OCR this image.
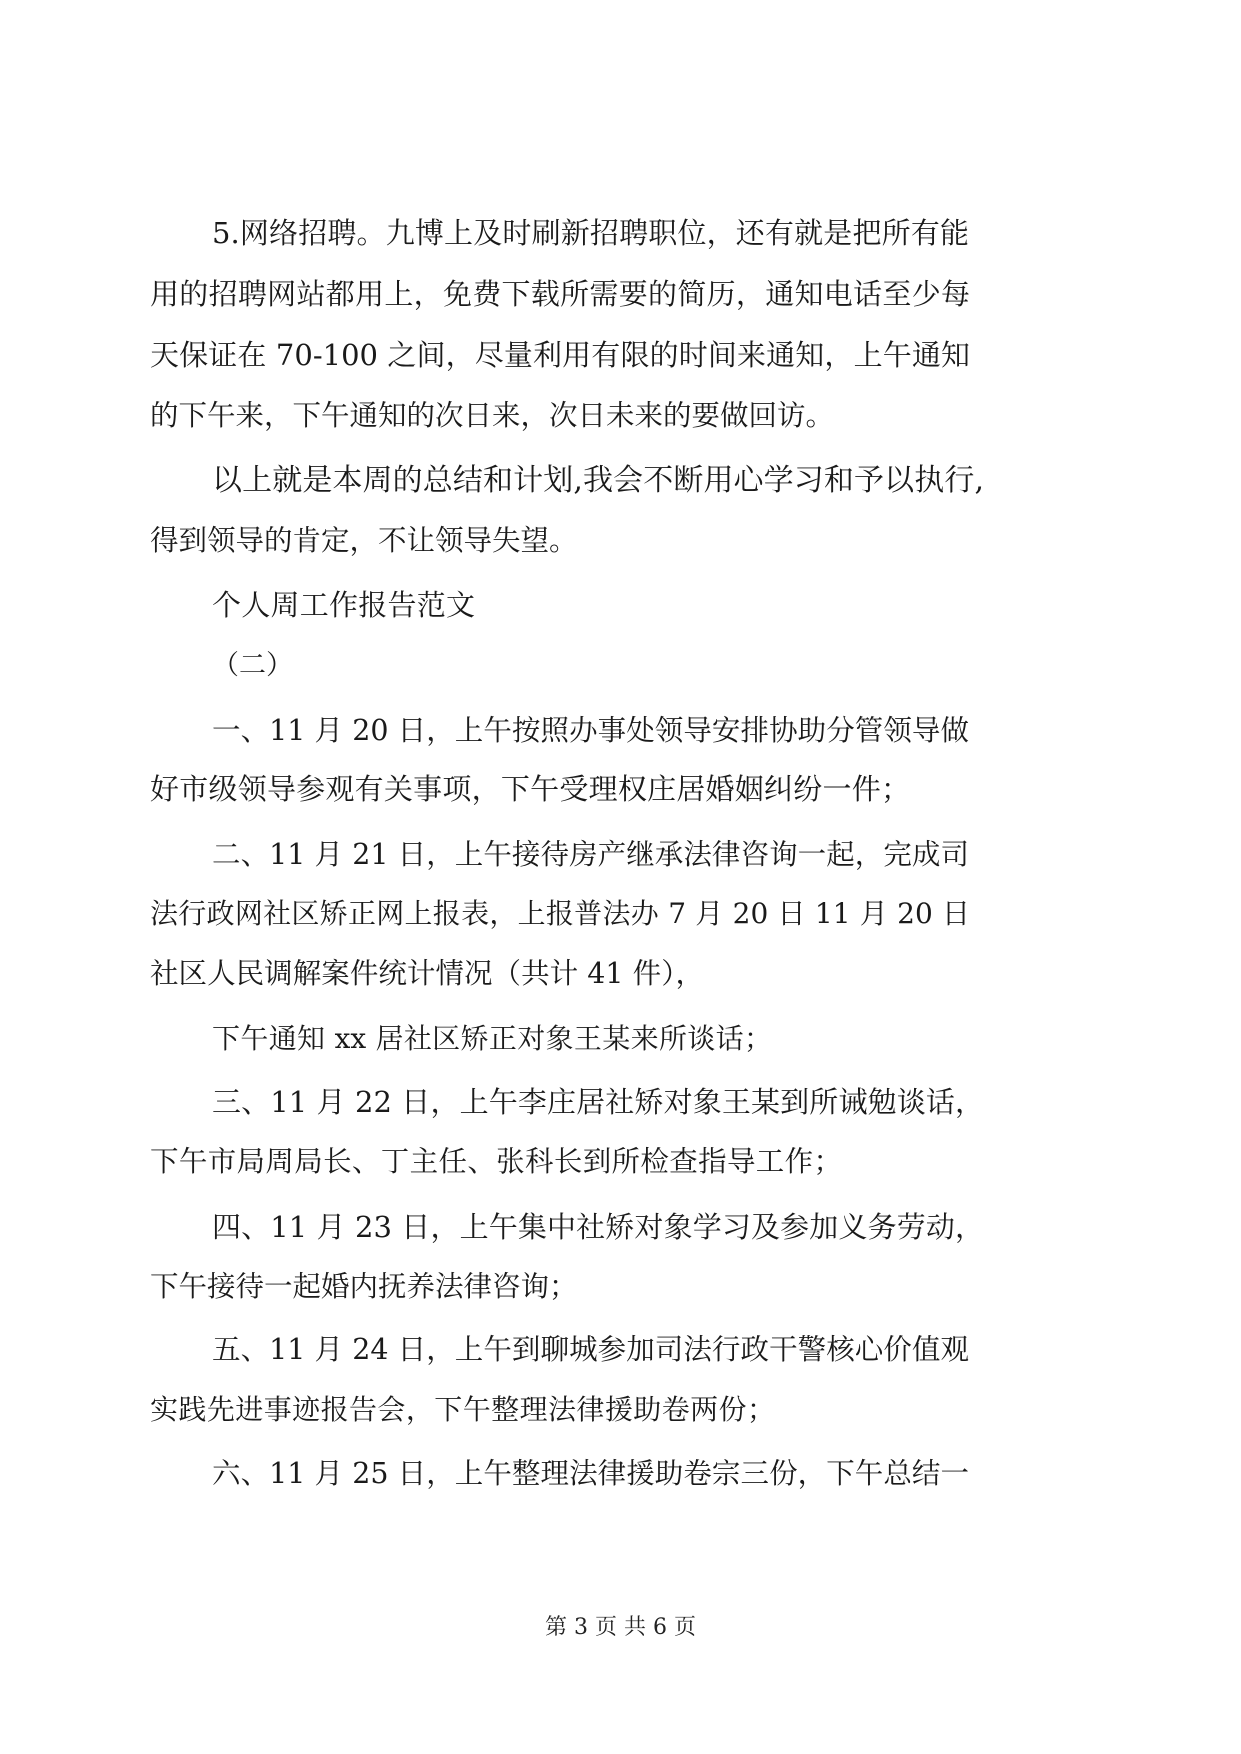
5.网络招聘。九博上及时刷新招聘职位，还有就是把所有能
用的招聘网站都用上，免费下载所需要的简历，通知电话至少每
天保证在 70-100 之间，尽量利用有限的时间来通知，上午通知
的下午来，下午通知的次日来，次日未来的要做回访。
以上就是本周的总结和计划,我会不断用心学习和予以执行,
得到领导的肯定，不让领导失望。
个人周工作报告范文
（二）
一、11 月 20 日，上午按照办事处领导安排协助分管领导做
好市级领导参观有关事项，下午受理权庄居婚姻纠纷一件；
二、11 月 21 日，上午接待房产继承法律咨询一起，完成司
法行政网社区矫正网上报表，上报普法办 7 月 20 日 11 月 20 日
社区人民调解案件统计情况（共计 41 件），
下午通知 xx 居社区矫正对象王某来所谈话；
三、11 月 22 日，上午李庄居社矫对象王某到所诫勉谈话，
下午市局周局长、丁主任、张科长到所检查指导工作；
四、11 月 23 日，上午集中社矫对象学习及参加义务劳动，
下午接待一起婚内抚养法律咨询；
五、11 月 24 日，上午到聊城参加司法行政干警核心价值观
实践先进事迹报告会，下午整理法律援助卷两份；
六、11 月 25 日，上午整理法律援助卷宗三份，下午总结一
第 3 页 共 6 页
